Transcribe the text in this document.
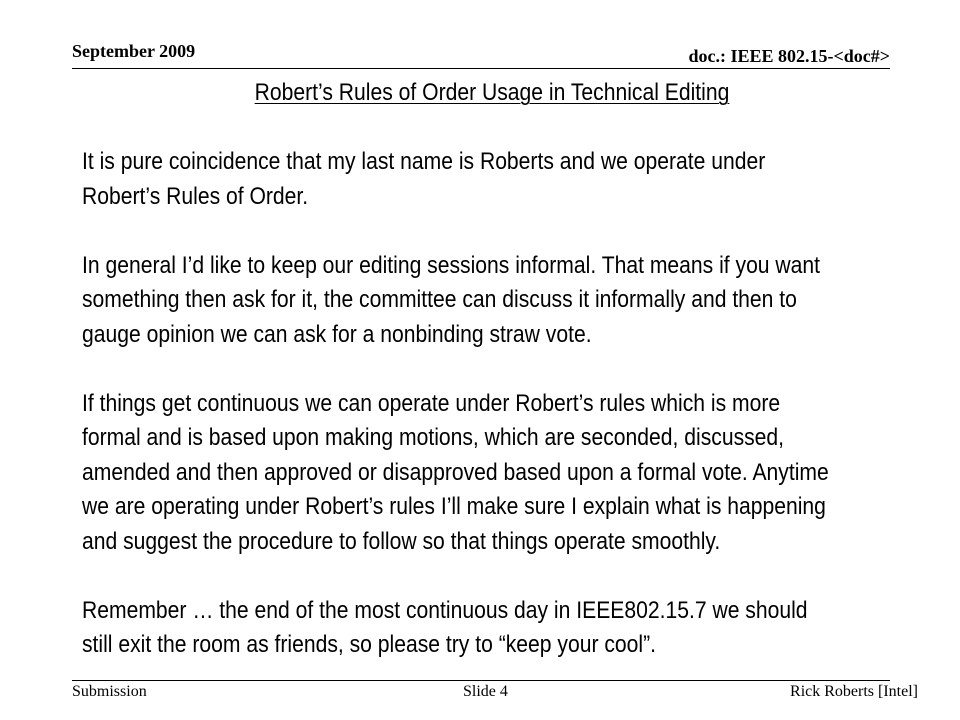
September 2009	doc.: IEEE 802.15-<doc#>
Robert’s Rules of Order Usage in Technical Editing

It is pure coincidence that my last name is Roberts and we operate under
Robert’s Rules of Order.

In general I’d like to keep our editing sessions informal. That means if you want
something then ask for it, the committee can discuss it informally and then to
gauge opinion we can ask for a nonbinding straw vote.

If things get continuous we can operate under Robert’s rules which is more
formal and is based upon making motions, which are seconded, discussed,
amended and then approved or disapproved based upon a formal vote. Anytime
we are operating under Robert’s rules I’ll make sure I explain what is happening
and suggest the procedure to follow so that things operate smoothly.

Remember … the end of the most continuous day in IEEE802.15.7 we should
still exit the room as friends, so please try to “keep your cool”.

Submission	Slide 4	Rick Roberts [Intel]
